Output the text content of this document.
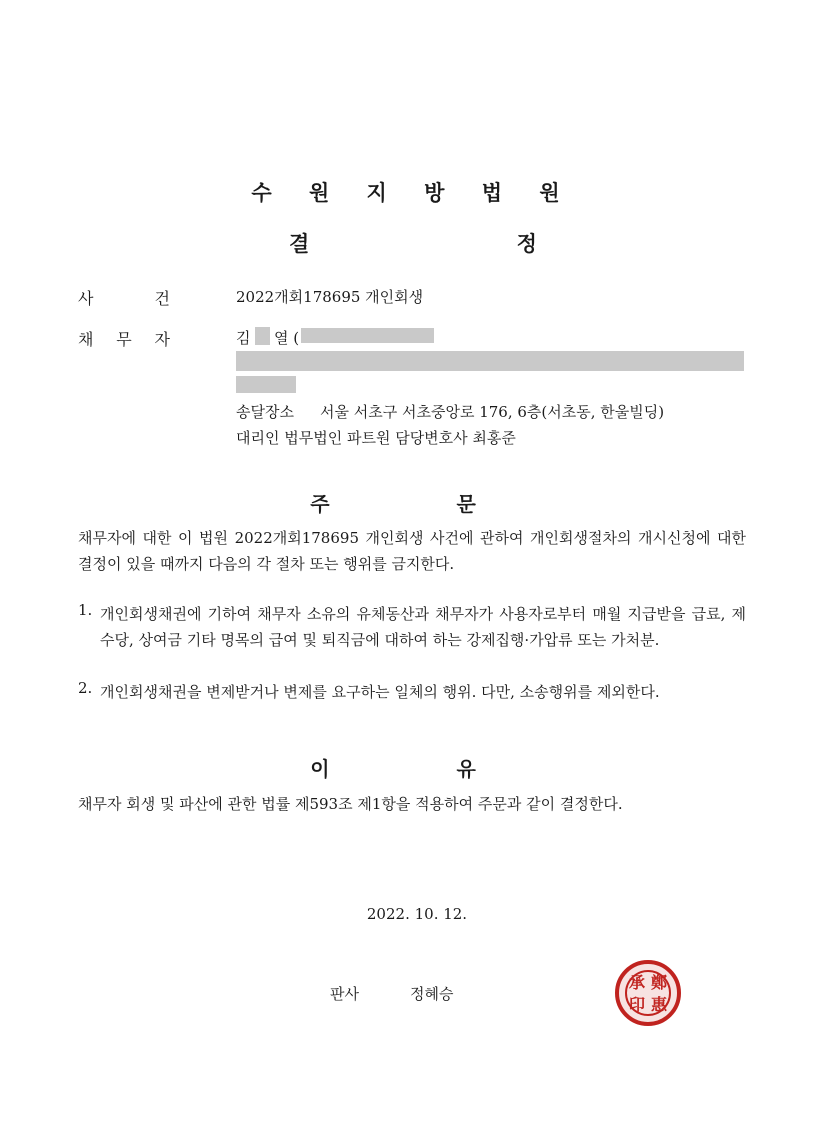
수 원 지 방 법 원
결 정
사	건	2022개회178695 개인회생
채 무 자	김 열 (
송달장소 서울 서초구 서초중앙로 176, 6층(서초동, 한울빌딩)
대리인 법무법인 파트원 담당변호사 최홍준
주 문
채무자에 대한 이 법원 2022개회178695 개인회생 사건에 관하여 개인회생절차의 개시신청에 대한 결정이 있을 때까지 다음의 각 절차 또는 행위를 금지한다.
1. 개인회생채권에 기하여 채무자 소유의 유체동산과 채무자가 사용자로부터 매월 지급받을 급료, 제수당, 상여금 기타 명목의 급여 및 퇴직금에 대하여 하는 강제집행·가압류 또는 가처분.
2. 개인회생채권을 변제받거나 변제를 요구하는 일체의 행위. 다만, 소송행위를 제외한다.
이 유
채무자 회생 및 파산에 관한 법률 제593조 제1항을 적용하여 주문과 같이 결정한다.
2022. 10. 12.
판사	정혜승
鄭
惠
承
印
